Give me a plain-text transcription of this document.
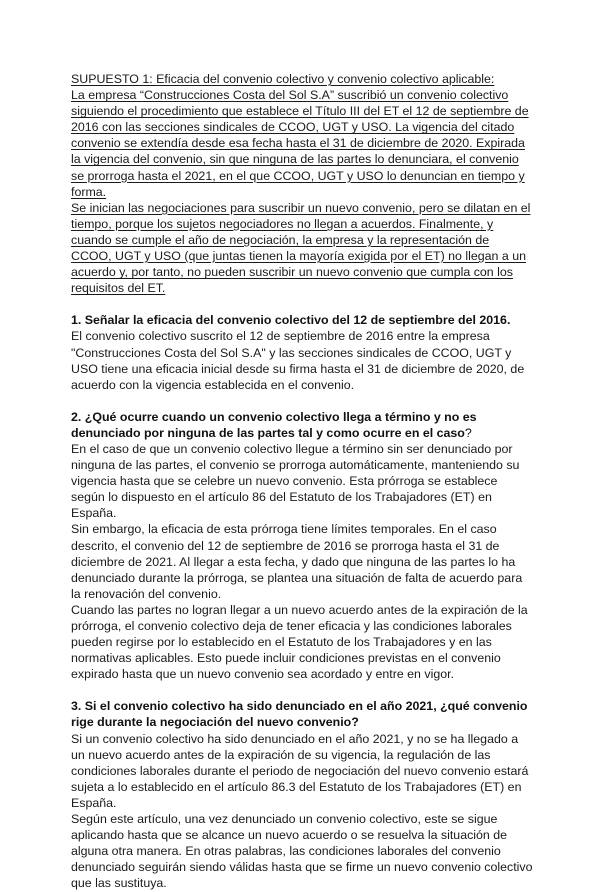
SUPUESTO 1: Eficacia del convenio colectivo y convenio colectivo aplicable:

La empresa “Construcciones Costa del Sol S.A” suscribió un convenio colectivo siguiendo el procedimiento que establece el Título III del ET el 12 de septiembre de 2016 con las secciones sindicales de CCOO, UGT y USO. La vigencia del citado convenio se extendía desde esa fecha hasta el 31 de diciembre de 2020. Expirada la vigencia del convenio, sin que ninguna de las partes lo denunciara, el convenio se prorroga hasta el 2021, en el que CCOO, UGT y USO lo denuncian en tiempo y forma.

Se inician las negociaciones para suscribir un nuevo convenio, pero se dilatan en el tiempo, porque los sujetos negociadores no llegan a acuerdos. Finalmente, y cuando se cumple el año de negociación, la empresa y la representación de CCOO, UGT y USO (que juntas tienen la mayoría exigida por el ET) no llegan a un acuerdo y, por tanto, no pueden suscribir un nuevo convenio que cumpla con los requisitos del ET.

1. Señalar la eficacia del convenio colectivo del 12 de septiembre del 2016.

El convenio colectivo suscrito el 12 de septiembre de 2016 entre la empresa "Construcciones Costa del Sol S.A" y las secciones sindicales de CCOO, UGT y USO tiene una eficacia inicial desde su firma hasta el 31 de diciembre de 2020, de acuerdo con la vigencia establecida en el convenio.

2. ¿Qué ocurre cuando un convenio colectivo llega a término y no es denunciado por ninguna de las partes tal y como ocurre en el caso?

En el caso de que un convenio colectivo llegue a término sin ser denunciado por ninguna de las partes, el convenio se prorroga automáticamente, manteniendo su vigencia hasta que se celebre un nuevo convenio. Esta prórroga se establece según lo dispuesto en el artículo 86 del Estatuto de los Trabajadores (ET) en España.

Sin embargo, la eficacia de esta prórroga tiene límites temporales. En el caso descrito, el convenio del 12 de septiembre de 2016 se prorroga hasta el 31 de diciembre de 2021. Al llegar a esta fecha, y dado que ninguna de las partes lo ha denunciado durante la prórroga, se plantea una situación de falta de acuerdo para la renovación del convenio.

Cuando las partes no logran llegar a un nuevo acuerdo antes de la expiración de la prórroga, el convenio colectivo deja de tener eficacia y las condiciones laborales pueden regirse por lo establecido en el Estatuto de los Trabajadores y en las normativas aplicables. Esto puede incluir condiciones previstas en el convenio expirado hasta que un nuevo convenio sea acordado y entre en vigor.

3. Si el convenio colectivo ha sido denunciado en el año 2021, ¿qué convenio rige durante la negociación del nuevo convenio?

Si un convenio colectivo ha sido denunciado en el año 2021, y no se ha llegado a un nuevo acuerdo antes de la expiración de su vigencia, la regulación de las condiciones laborales durante el periodo de negociación del nuevo convenio estará sujeta a lo establecido en el artículo 86.3 del Estatuto de los Trabajadores (ET) en España.

Según este artículo, una vez denunciado un convenio colectivo, este se sigue aplicando hasta que se alcance un nuevo acuerdo o se resuelva la situación de alguna otra manera. En otras palabras, las condiciones laborales del convenio denunciado seguirán siendo válidas hasta que se firme un nuevo convenio colectivo que las sustituya.
